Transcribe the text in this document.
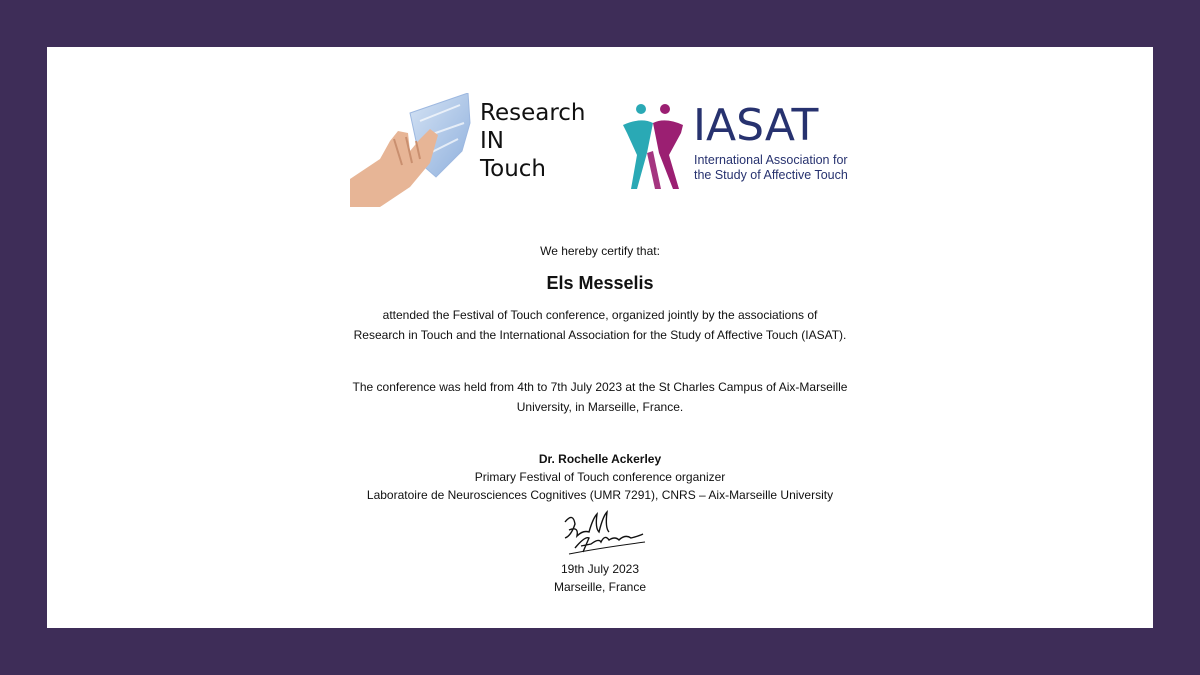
Research
IN
Touch
IASAT
International Association for
the Study of Affective Touch
We hereby certify that:
Els Messelis
attended the Festival of Touch conference, organized jointly by the associations of
Research in Touch and the International Association for the Study of Affective Touch (IASAT).
The conference was held from 4th to 7th July 2023 at the St Charles Campus of Aix-Marseille
University, in Marseille, France.
Dr. Rochelle Ackerley
Primary Festival of Touch conference organizer
Laboratoire de Neurosciences Cognitives (UMR 7291), CNRS – Aix-Marseille University
19th July 2023
Marseille, France
